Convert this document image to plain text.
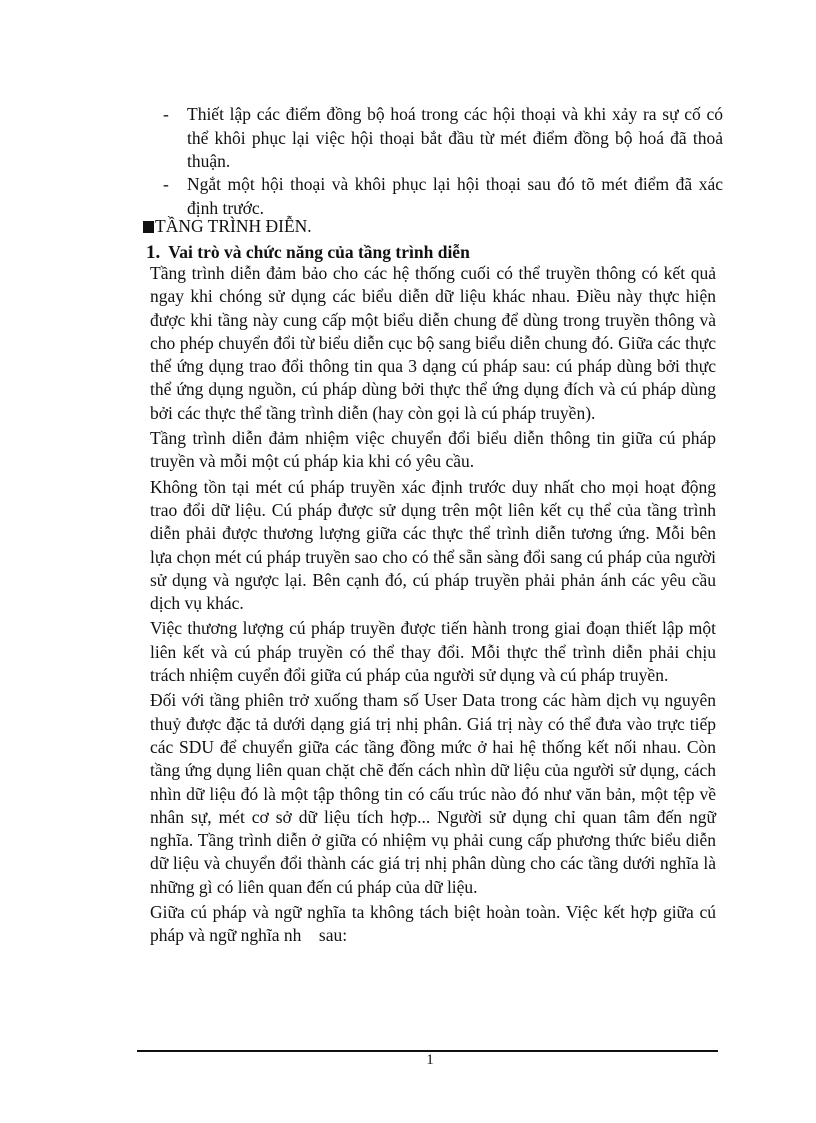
- Thiết lập các điểm đồng bộ hoá trong các hội thoại và khi xảy ra sự cố có thể khôi phục lại việc hội thoại bắt đầu từ mét điểm đồng bộ hoá đã thoả thuận.
- Ngắt một hội thoại và khôi phục lại hội thoại sau đó tõ mét điểm đã xác định trước.
TẦNG TRÌNH ĐIỄN.
1. Vai trò và chức năng của tầng trình diễn

Tầng trình diễn đảm bảo cho các hệ thống cuối có thể truyền thông có kết quả ngay khi chóng sử dụng các biểu diễn dữ liệu khác nhau. Điều này thực hiện được khi tầng này cung cấp một biểu diễn chung để dùng trong truyền thông và cho phép chuyển đổi từ biểu diễn cục bộ sang biểu diễn chung đó. Giữa các thực thể ứng dụng trao đổi thông tin qua 3 dạng cú pháp sau: cú pháp dùng bởi thực thể ứng dụng nguồn, cú pháp dùng bởi thực thể ứng dụng đích và cú pháp dùng bởi các thực thể tầng trình diễn (hay còn gọi là cú pháp truyền).

Tầng trình diễn đảm nhiệm việc chuyển đổi biểu diễn thông tin giữa cú pháp truyền và mỗi một cú pháp kia khi có yêu cầu.

Không tồn tại mét cú pháp truyền xác định trước duy nhất cho mọi hoạt động trao đổi dữ liệu. Cú pháp được sử dụng trên một liên kết cụ thể của tầng trình diễn phải được thương lượng giữa các thực thể trình diễn tương ứng. Mỗi bên lựa chọn mét cú pháp truyền sao cho có thể sẵn sàng đổi sang cú pháp của người sử dụng và ngược lại. Bên cạnh đó, cú pháp truyền phải phản ánh các yêu cầu dịch vụ khác.

Việc thương lượng cú pháp truyền được tiến hành trong giai đoạn thiết lập một liên kết và cú pháp truyền có thể thay đổi. Mỗi thực thể trình diễn phải chịu trách nhiệm cuyển đổi giữa cú pháp của người sử dụng và cú pháp truyền.

Đối với tầng phiên trở xuống tham số User Data trong các hàm dịch vụ nguyên thuỷ được đặc tả dưới dạng giá trị nhị phân. Giá trị này có thể đưa vào trực tiếp các SDU để chuyển giữa các tầng đồng mức ở hai hệ thống kết nối nhau. Còn tầng ứng dụng liên quan chặt chẽ đến cách nhìn dữ liệu của người sử dụng, cách nhìn dữ liệu đó là một tập thông tin có cấu trúc nào đó như văn bản, một tệp về nhân sự, mét cơ sở dữ liệu tích hợp... Người sử dụng chỉ quan tâm đến ngữ nghĩa. Tầng trình diễn ở giữa có nhiệm vụ phải cung cấp phương thức biểu diễn dữ liệu và chuyển đổi thành các giá trị nhị phân dùng cho các tầng dưới nghĩa là những gì có liên quan đến cú pháp của dữ liệu.

Giữa cú pháp và ngữ nghĩa ta không tách biệt hoàn toàn. Việc kết hợp giữa cú pháp và ngữ nghĩa nh    sau:

1
